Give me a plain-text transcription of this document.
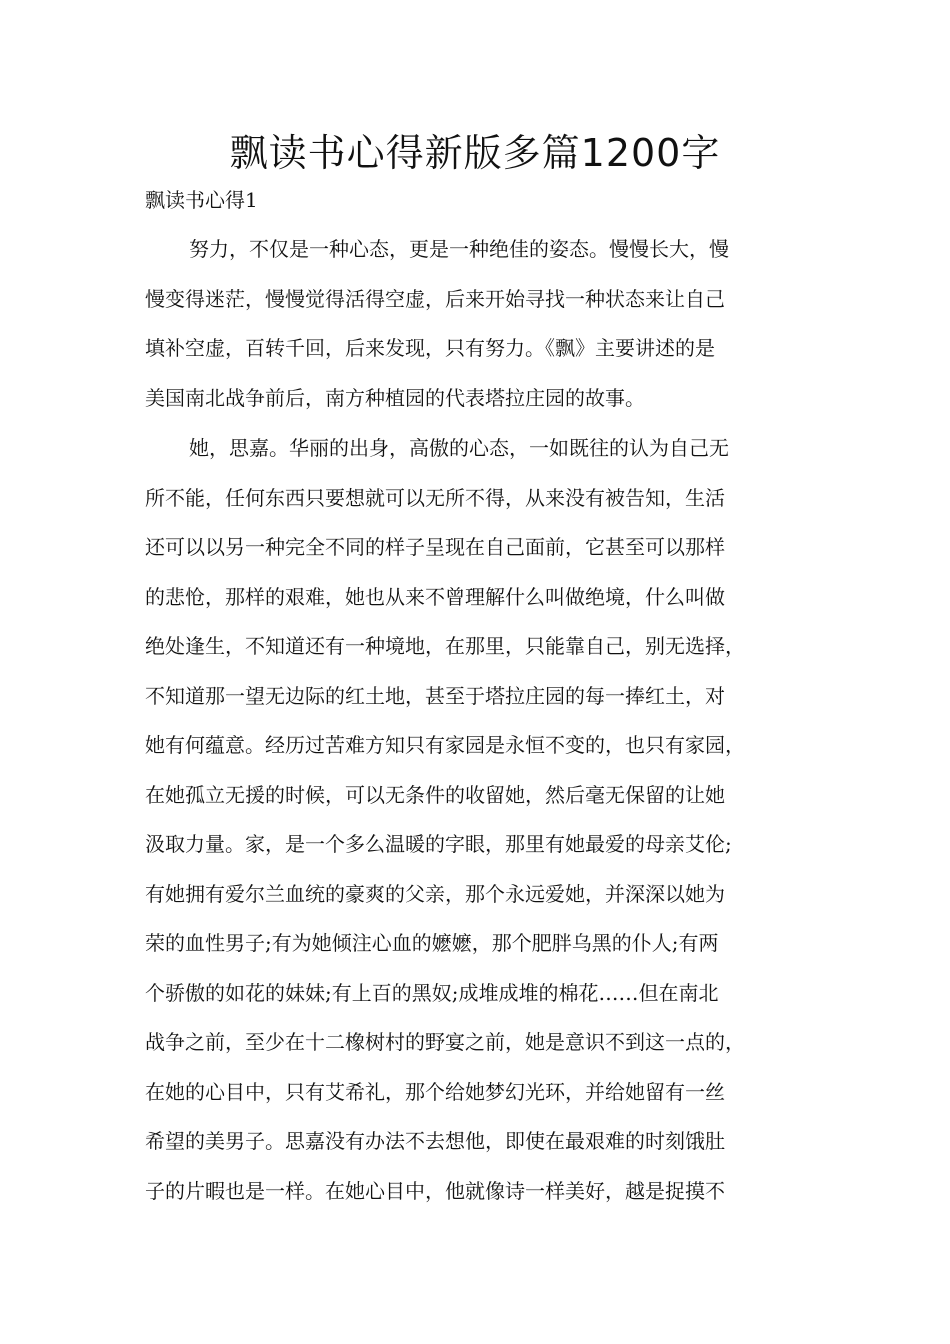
飘读书心得新版多篇1200字
飘读书心得1

努力，不仅是一种心态，更是一种绝佳的姿态。慢慢长大，慢
慢变得迷茫，慢慢觉得活得空虚，后来开始寻找一种状态来让自己
填补空虚，百转千回，后来发现，只有努力。《飘》主要讲述的是
美国南北战争前后，南方种植园的代表塔拉庄园的故事。

她，思嘉。华丽的出身，高傲的心态，一如既往的认为自己无
所不能，任何东西只要想就可以无所不得，从来没有被告知，生活
还可以以另一种完全不同的样子呈现在自己面前，它甚至可以那样
的悲怆，那样的艰难，她也从来不曾理解什么叫做绝境，什么叫做
绝处逢生，不知道还有一种境地，在那里，只能靠自己，别无选择，
不知道那一望无边际的红土地，甚至于塔拉庄园的每一捧红土，对
她有何蕴意。经历过苦难方知只有家园是永恒不变的，也只有家园，
在她孤立无援的时候，可以无条件的收留她，然后毫无保留的让她
汲取力量。家，是一个多么温暖的字眼，那里有她最爱的母亲艾伦;
有她拥有爱尔兰血统的豪爽的父亲，那个永远爱她，并深深以她为
荣的血性男子;有为她倾注心血的嬷嬷，那个肥胖乌黑的仆人;有两
个骄傲的如花的妹妹;有上百的黑奴;成堆成堆的棉花……但在南北
战争之前，至少在十二橡树村的野宴之前，她是意识不到这一点的，
在她的心目中，只有艾希礼，那个给她梦幻光环，并给她留有一丝
希望的美男子。思嘉没有办法不去想他，即使在最艰难的时刻饿肚
子的片暇也是一样。在她心目中，他就像诗一样美好，越是捉摸不
